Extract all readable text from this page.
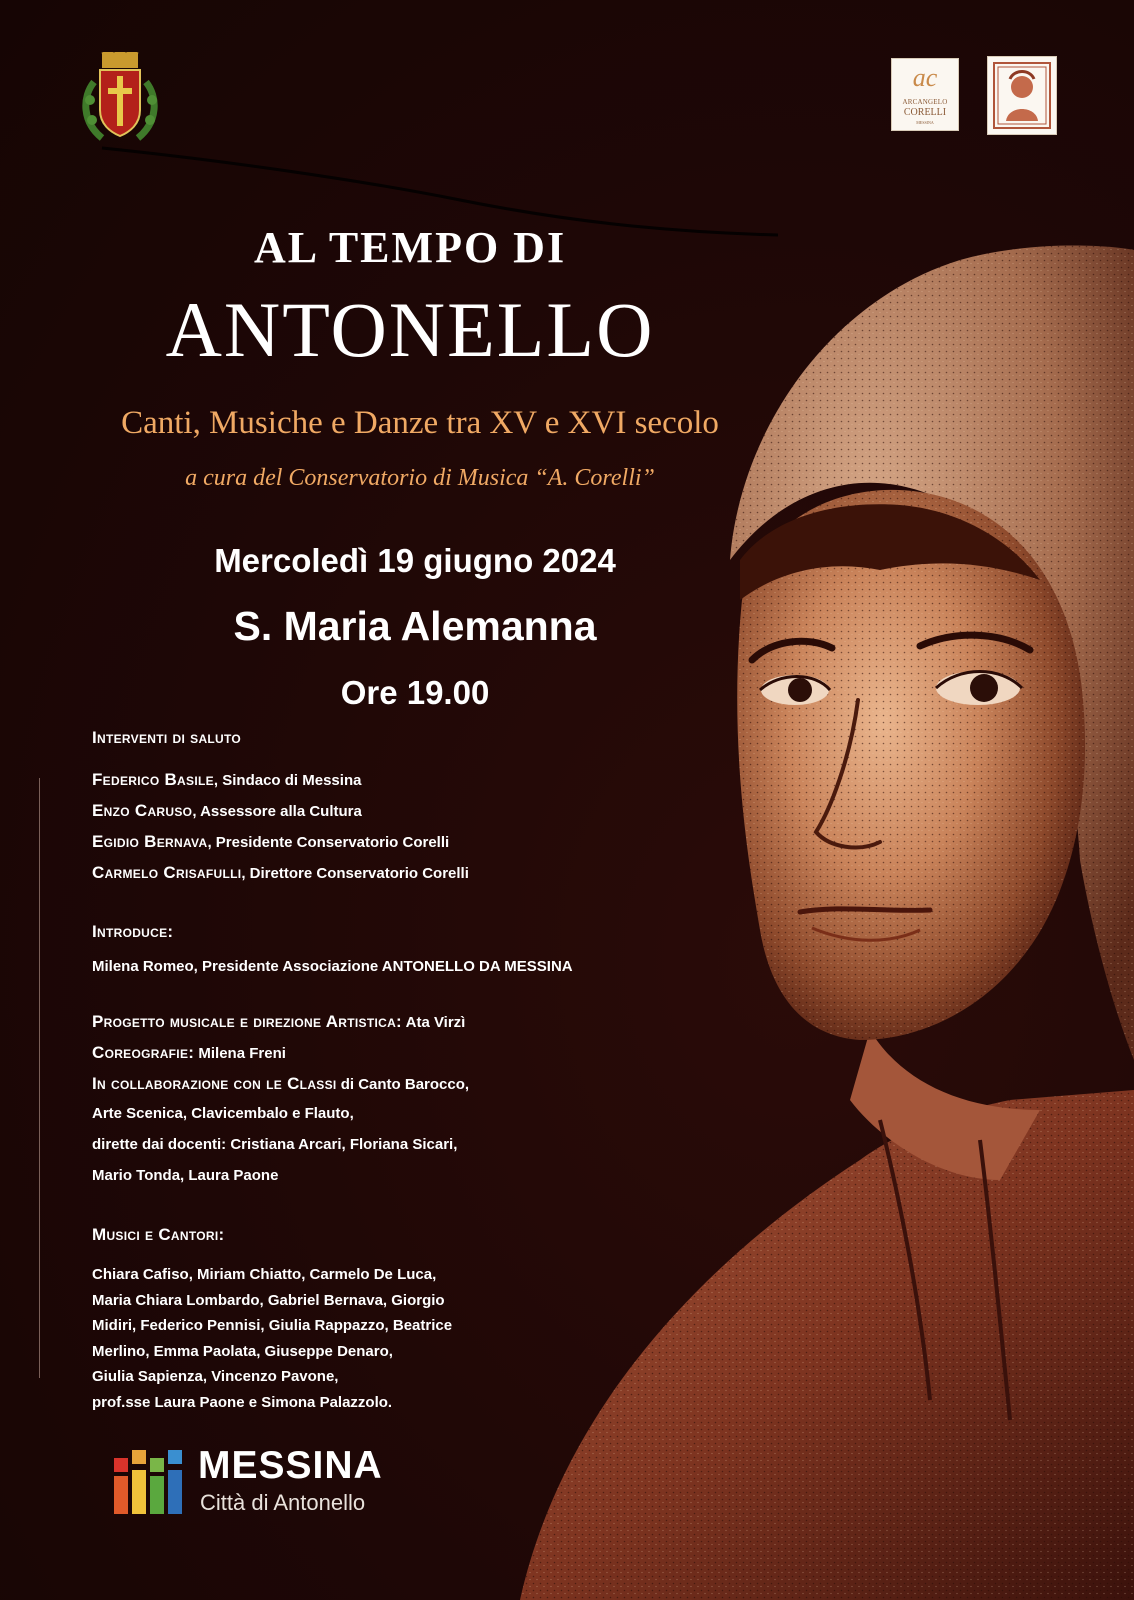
ac
ARCANGELO
CORELLI
MESSINA
AL TEMPO DI
ANTONELLO
Canti, Musiche e Danze tra XV e XVI secolo
a cura del Conservatorio di Musica “A. Corelli”
Mercoledì 19 giugno 2024
S. Maria Alemanna
Ore 19.00
Interventi di saluto
Federico Basile, Sindaco di Messina
Enzo Caruso, Assessore alla Cultura
Egidio Bernava, Presidente Conservatorio Corelli
Carmelo Crisafulli, Direttore Conservatorio Corelli
Introduce:
Milena Romeo, Presidente Associazione ANTONELLO DA MESSINA
Progetto musicale e direzione Artistica: Ata Virzì
Coreografie: Milena Freni
In collaborazione con le Classi di Canto Barocco,
Arte Scenica, Clavicembalo e Flauto,
dirette dai docenti: Cristiana Arcari, Floriana Sicari,
Mario Tonda, Laura Paone
Musici e Cantori:
Chiara Cafiso, Miriam Chiatto, Carmelo De Luca,
Maria Chiara Lombardo, Gabriel Bernava, Giorgio
Midiri, Federico Pennisi, Giulia Rappazzo, Beatrice
Merlino, Emma Paolata, Giuseppe Denaro,
Giulia Sapienza, Vincenzo Pavone,
prof.sse Laura Paone e Simona Palazzolo.
MESSINA
Città di Antonello
